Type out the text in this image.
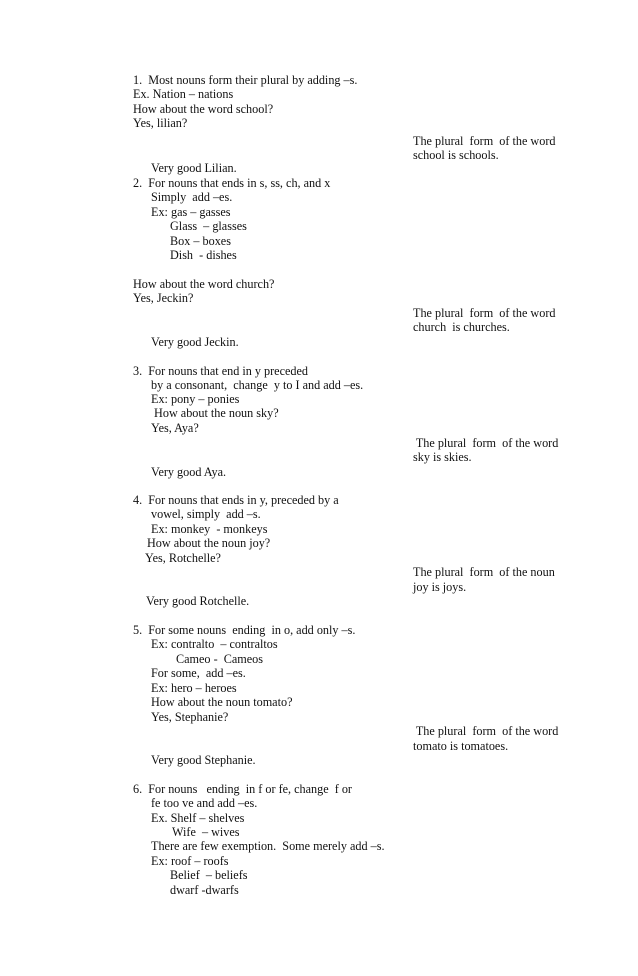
1.  Most nouns form their plural by adding –s.
Ex. Nation – nations
How about the word school?
Yes, lilian?
Very good Lilian.
2.  For nouns that ends in s, ss, ch, and x
Simply  add –es.
Ex: gas – gasses
Glass  – glasses
Box – boxes
Dish  - dishes
How about the word church?
Yes, Jeckin?
Very good Jeckin.
3.  For nouns that end in y preceded
by a consonant,  change  y to I and add –es.
Ex: pony – ponies
How about the noun sky?
Yes, Aya?
Very good Aya.
4.  For nouns that ends in y, preceded by a
vowel, simply  add –s.
Ex: monkey  - monkeys
How about the noun joy?
Yes, Rotchelle?
Very good Rotchelle.
5.  For some nouns  ending  in o, add only –s.
Ex: contralto  – contraltos
Cameo -  Cameos
For some,  add –es.
Ex: hero – heroes
How about the noun tomato?
Yes, Stephanie?
Very good Stephanie.
6.  For nouns   ending  in f or fe, change  f or
fe too ve and add –es.
Ex. Shelf – shelves
Wife  – wives
There are few exemption.  Some merely add –s.
Ex: roof – roofs
Belief  – beliefs
dwarf -dwarfs
The plural  form  of the word
school is schools.
The plural  form  of the word
church  is churches.
The plural  form  of the word
sky is skies.
The plural  form  of the noun
joy is joys.
The plural  form  of the word
tomato is tomatoes.
